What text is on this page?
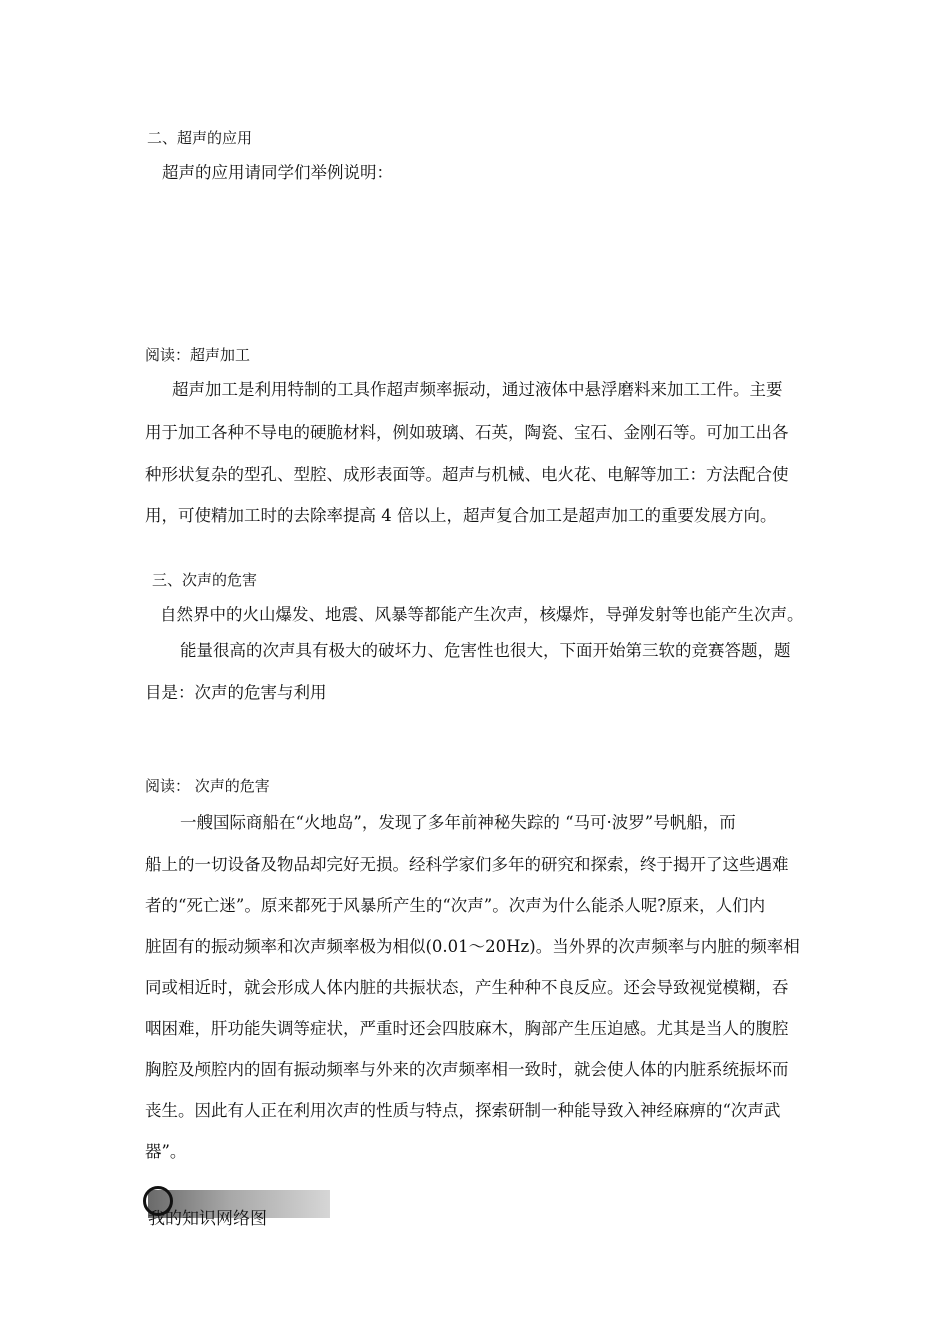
二、超声的应用
超声的应用请同学们举例说明：
阅读：超声加工
超声加工是利用特制的工具作超声频率振动，通过液体中悬浮磨料来加工工件。主要
用于加工各种不导电的硬脆材料，例如玻璃、石英，陶瓷、宝石、金刚石等。可加工出各
种形状复杂的型孔、型腔、成形表面等。超声与机械、电火花、电解等加工：方法配合使
用，可使精加工时的去除率提高 4 倍以上，超声复合加工是超声加工的重要发展方向。
三、次声的危害
自然界中的火山爆发、地震、风暴等都能产生次声，核爆炸，导弹发射等也能产生次声。
能量很高的次声具有极大的破坏力、危害性也很大，下面开始第三软的竞赛答题，题
目是：次声的危害与利用
阅读： 次声的危害
一艘国际商船在“火地岛”，发现了多年前神秘失踪的 “马可·波罗”号帆船，而
船上的一切设备及物品却完好无损。经科学家们多年的研究和探索，终于揭开了这些遇难
者的“死亡迷”。原来都死于风暴所产生的“次声”。次声为什么能杀人呢?原来，人们内
脏固有的振动频率和次声频率极为相似(0.01～20Hz)。当外界的次声频率与内脏的频率相
同或相近时，就会形成人体内脏的共振状态，产生种种不良反应。还会导致视觉模糊，吞
咽困难，肝功能失调等症状，严重时还会四肢麻木，胸部产生压迫感。尤其是当人的腹腔
胸腔及颅腔内的固有振动频率与外来的次声频率相一致时，就会使人体的内脏系统振坏而
丧生。因此有人正在利用次声的性质与特点，探索研制一种能导致入神经麻痹的“次声武
器”。
我的知识网络图
